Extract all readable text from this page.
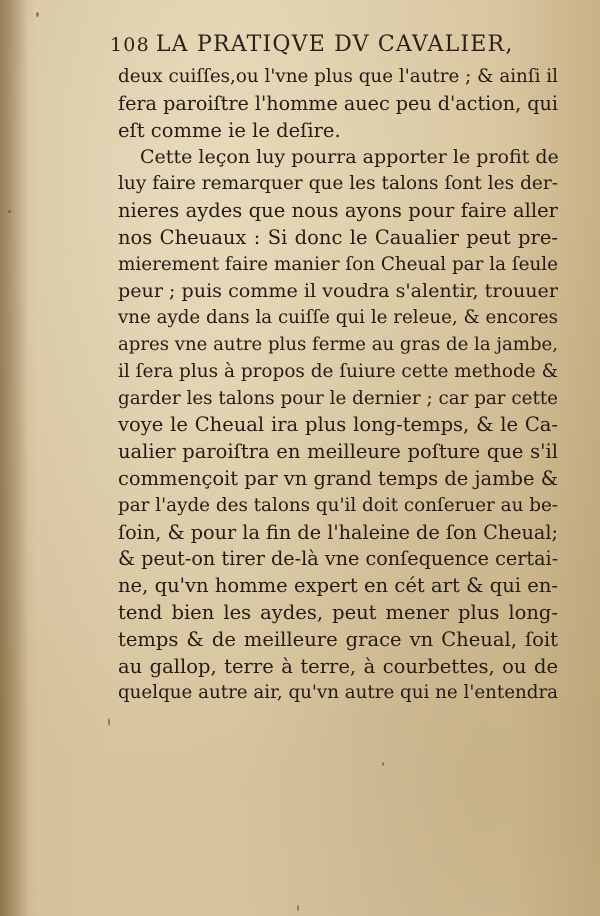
108 LA PRATIQVE DV CAVALIER,
deux cuiſſes,ou l'vne plus que l'autre ; & ainſi il
fera paroiſtre l'homme auec peu d'action, qui
eſt comme ie le deſire.
Cette leçon luy pourra apporter le profit de
luy faire remarquer que les talons ſont les der-
nieres aydes que nous ayons pour faire aller
nos Cheuaux : Si donc le Caualier peut pre-
mierement faire manier ſon Cheual par la ſeule
peur ; puis comme il voudra s'alentir, trouuer
vne ayde dans la cuiſſe qui le releue, & encores
apres vne autre plus ferme au gras de la jambe,
il ſera plus à propos de ſuiure cette methode &
garder les talons pour le dernier ; car par cette
voye le Cheual ira plus long-temps, & le Ca-
ualier paroiſtra en meilleure poſture que s'il
commençoit par vn grand temps de jambe &
par l'ayde des talons qu'il doit conſeruer au be-
ſoin, & pour la fin de l'haleine de ſon Cheual;
& peut-on tirer de-là vne conſequence certai-
ne, qu'vn homme expert en cét art & qui en-
tend bien les aydes, peut mener plus long-
temps & de meilleure grace vn Cheual, ſoit
au gallop, terre à terre, à courbettes, ou de
quelque autre air, qu'vn autre qui ne l'entendra
